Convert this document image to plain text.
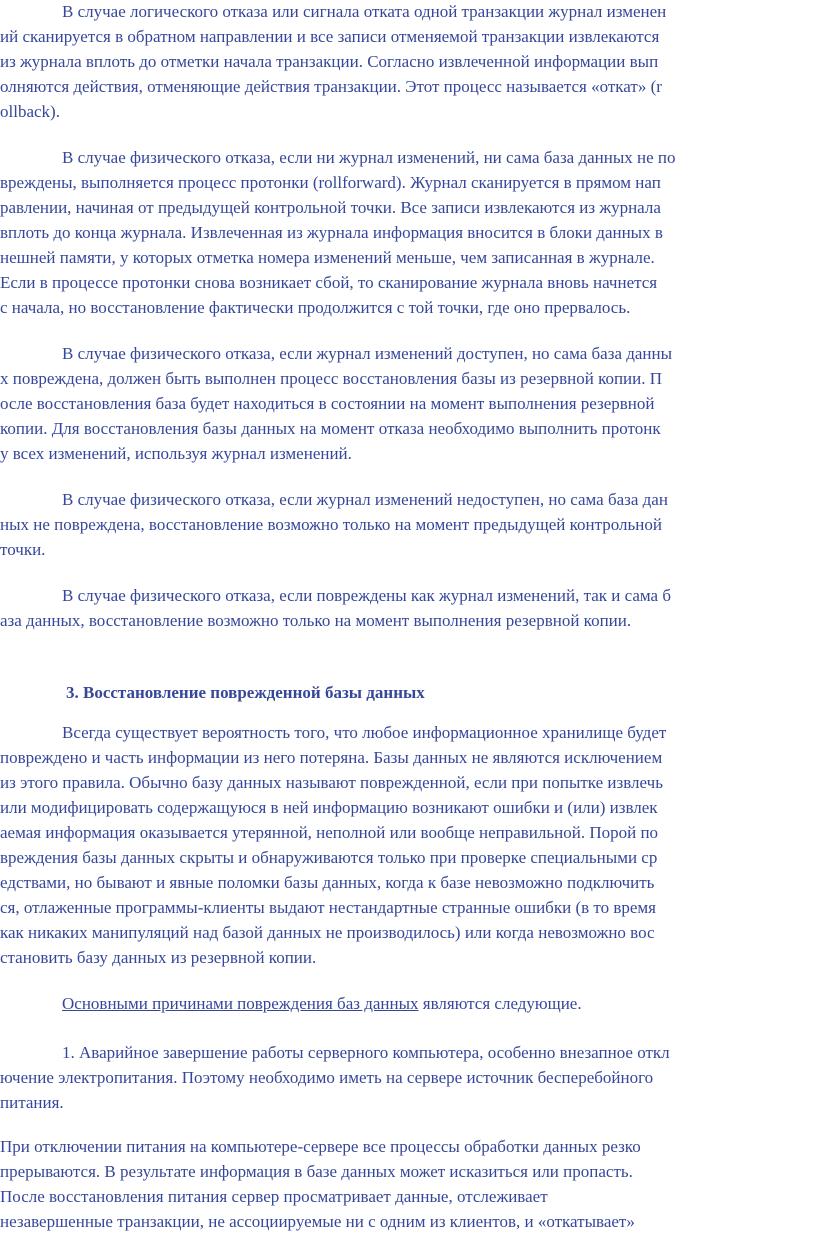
В случае логического отказа или сигнала отката одной транзакции журнал изменен
ий сканируется в обратном направлении и все записи отменяемой транзакции извлекаются
из журнала вплоть до отметки начала транзакции. Согласно извлеченной информации вып
олняются действия, отменяющие действия транзакции. Этот процесс называется «откат» (r
ollback).
В случае физического отказа, если ни журнал изменений, ни сама база данных не по
вреждены, выполняется процесс протонки (rollforward). Журнал сканируется в прямом нап
равлении, начиная от предыдущей контрольной точки. Все записи извлекаются из журнала
вплоть до конца журнала. Извлеченная из журнала информация вносится в блоки данных в
нешней памяти, у которых отметка номера изменений меньше, чем записанная в журнале.
Если в процессе протонки снова возникает сбой, то сканирование журнала вновь начнется
с начала, но восстановление фактически продолжится с той точки, где оно прервалось.
В случае физического отказа, если журнал изменений доступен, но сама база данны
х повреждена, должен быть выполнен процесс восстановления базы из резервной копии. П
осле восстановления база будет находиться в состоянии на момент выполнения резервной
копии. Для восстановления базы данных на момент отказа необходимо выполнить протонк
у всех изменений, используя журнал изменений.
В случае физического отказа, если журнал изменений недоступен, но сама база дан
ных не повреждена, восстановление возможно только на момент предыдущей контрольной
точки.
В случае физического отказа, если повреждены как журнал изменений, так и сама б
аза данных, восстановление возможно только на момент выполнения резервной копии.
3. Восстановление поврежденной базы данных
Всегда существует вероятность того, что любое информационное хранилище будет
повреждено и часть информации из него потеряна. Базы данных не являются исключением
из этого правила. Обычно базу данных называют поврежденной, если при попытке извлечь
или модифицировать содержащуюся в ней информацию возникают ошибки и (или) извлек
аемая информация оказывается утерянной, неполной или вообще неправильной. Порой по
вреждения базы данных скрыты и обнаруживаются только при проверке специальными ср
едствами, но бывают и явные поломки базы данных, когда к базе невозможно подключить
ся, отлаженные программы-клиенты выдают нестандартные странные ошибки (в то время
как никаких манипуляций над базой данных не производилось) или когда невозможно вос
становить базу данных из резервной копии.
Основными причинами повреждения баз данных являются следующие.
1. Аварийное завершение работы серверного компьютера, особенно внезапное откл
ючение электропитания. Поэтому необходимо иметь на сервере источник бесперебойного
питания.
При отключении питания на компьютере-сервере все процессы обработки данных резко
прерываются. В результате информация в базе данных может исказиться или пропасть.
После восстановления питания сервер просматривает данные, отслеживает
незавершенные транзакции, не ассоциируемые ни с одним из клиентов, и «откатывает»
